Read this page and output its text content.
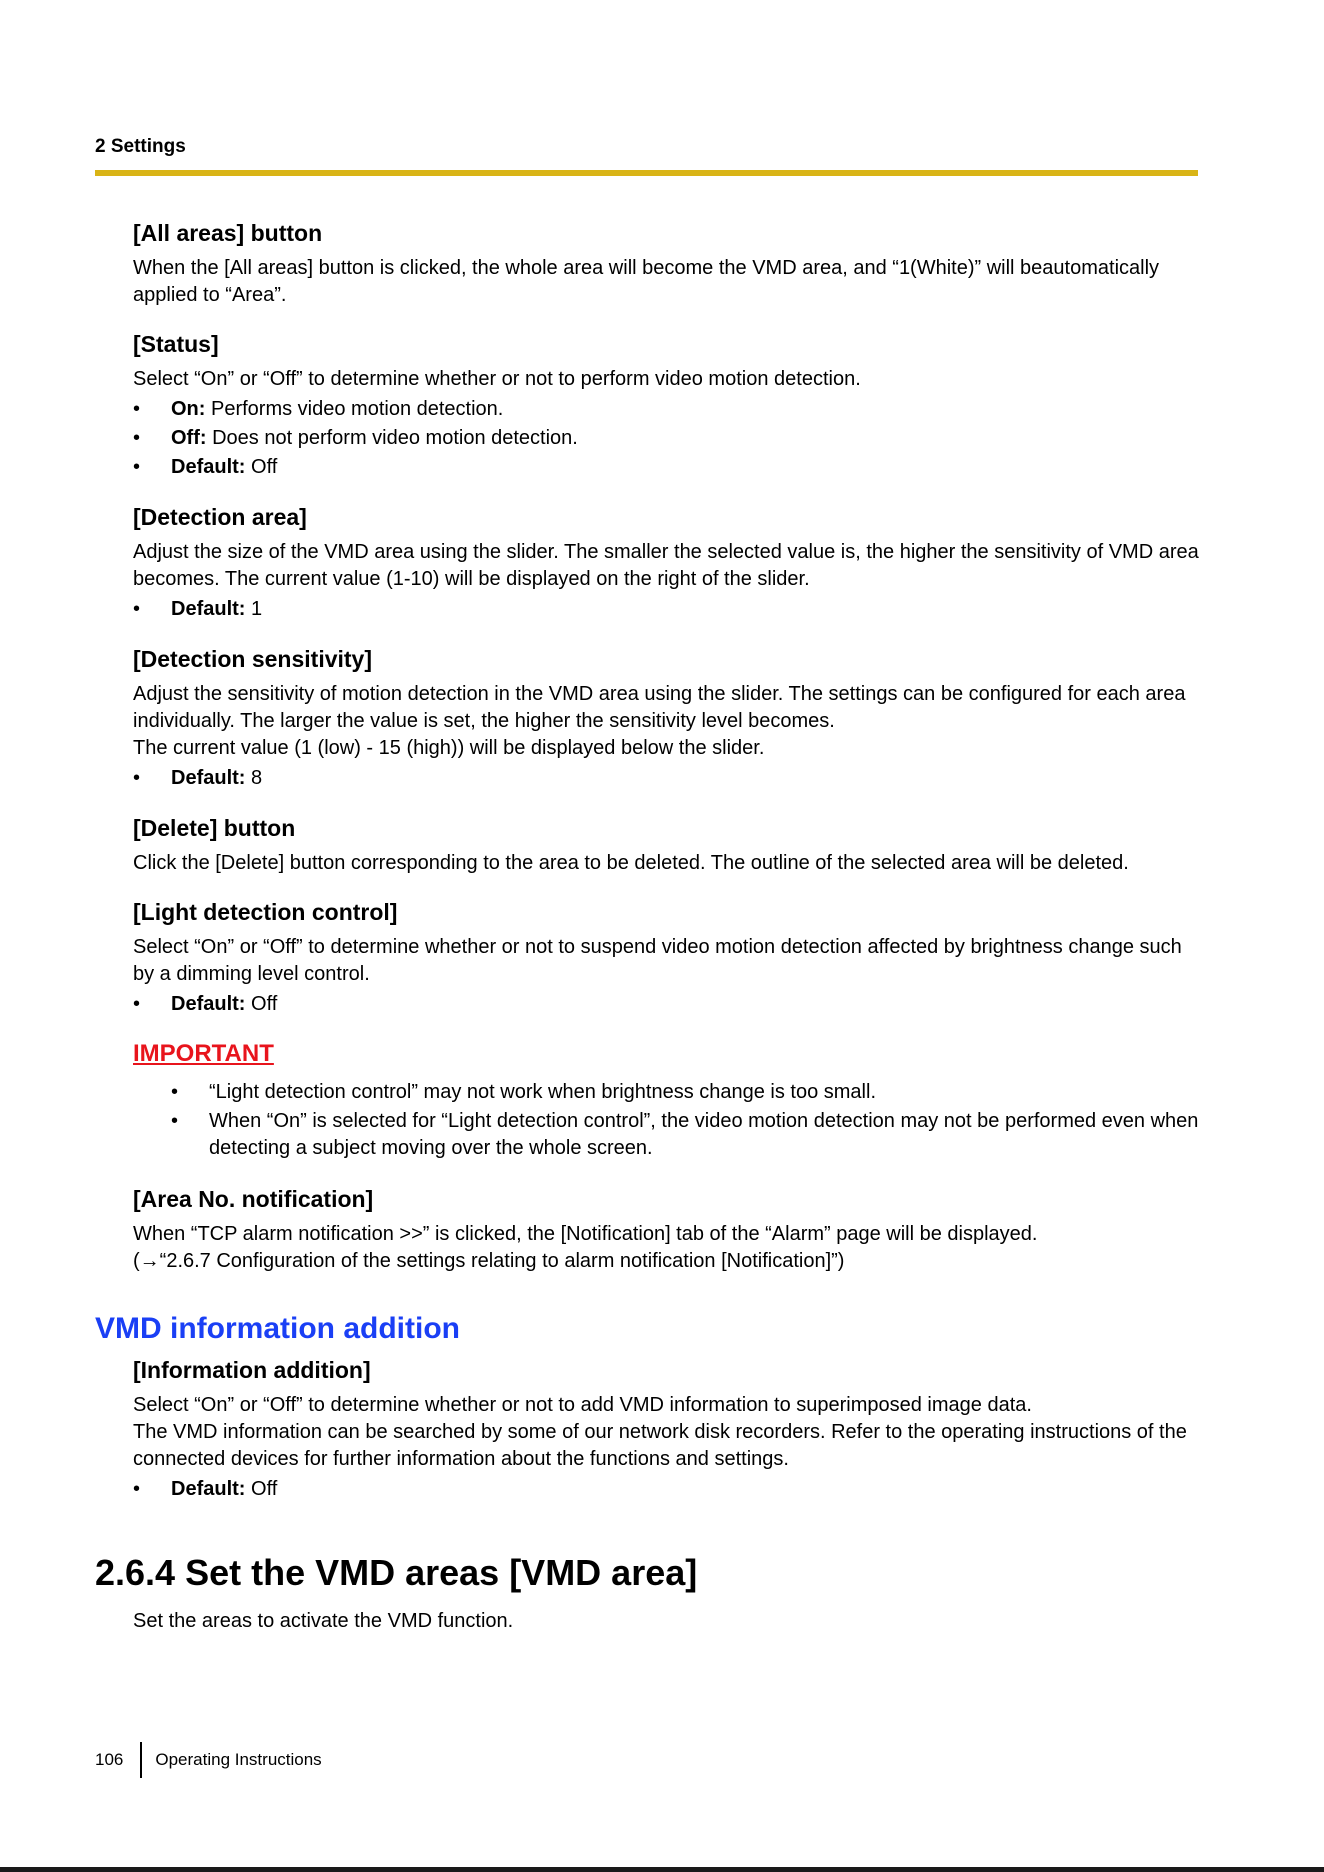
2 Settings
[All areas] button

When the [All areas] button is clicked, the whole area will become the VMD area, and “1(White)” will beautomatically applied to “Area”.

[Status]

Select “On” or “Off” to determine whether or not to perform video motion detection.

• On: Performs video motion detection.
• Off: Does not perform video motion detection.
• Default: Off
[Detection area]

Adjust the size of the VMD area using the slider. The smaller the selected value is, the higher the sensitivity of VMD area becomes. The current value (1-10) will be displayed on the right of the slider.

• Default: 1
[Detection sensitivity]

Adjust the sensitivity of motion detection in the VMD area using the slider. The settings can be configured for each area individually. The larger the value is set, the higher the sensitivity level becomes.

The current value (1 (low) - 15 (high)) will be displayed below the slider.

• Default: 8
[Delete] button

Click the [Delete] button corresponding to the area to be deleted. The outline of the selected area will be deleted.

[Light detection control]

Select “On” or “Off” to determine whether or not to suspend video motion detection affected by brightness change such by a dimming level control.

• Default: Off
IMPORTANT
• “Light detection control” may not work when brightness change is too small.
• When “On” is selected for “Light detection control”, the video motion detection may not be performed even when detecting a subject moving over the whole screen.
[Area No. notification]

When “TCP alarm notification >>” is clicked, the [Notification] tab of the “Alarm” page will be displayed.

(→“2.6.7 Configuration of the settings relating to alarm notification [Notification]”)

VMD information addition
[Information addition]

Select “On” or “Off” to determine whether or not to add VMD information to superimposed image data.

The VMD information can be searched by some of our network disk recorders. Refer to the operating instructions of the connected devices for further information about the functions and settings.

• Default: Off
2.6.4 Set the VMD areas [VMD area]

Set the areas to activate the VMD function.

106 Operating Instructions
